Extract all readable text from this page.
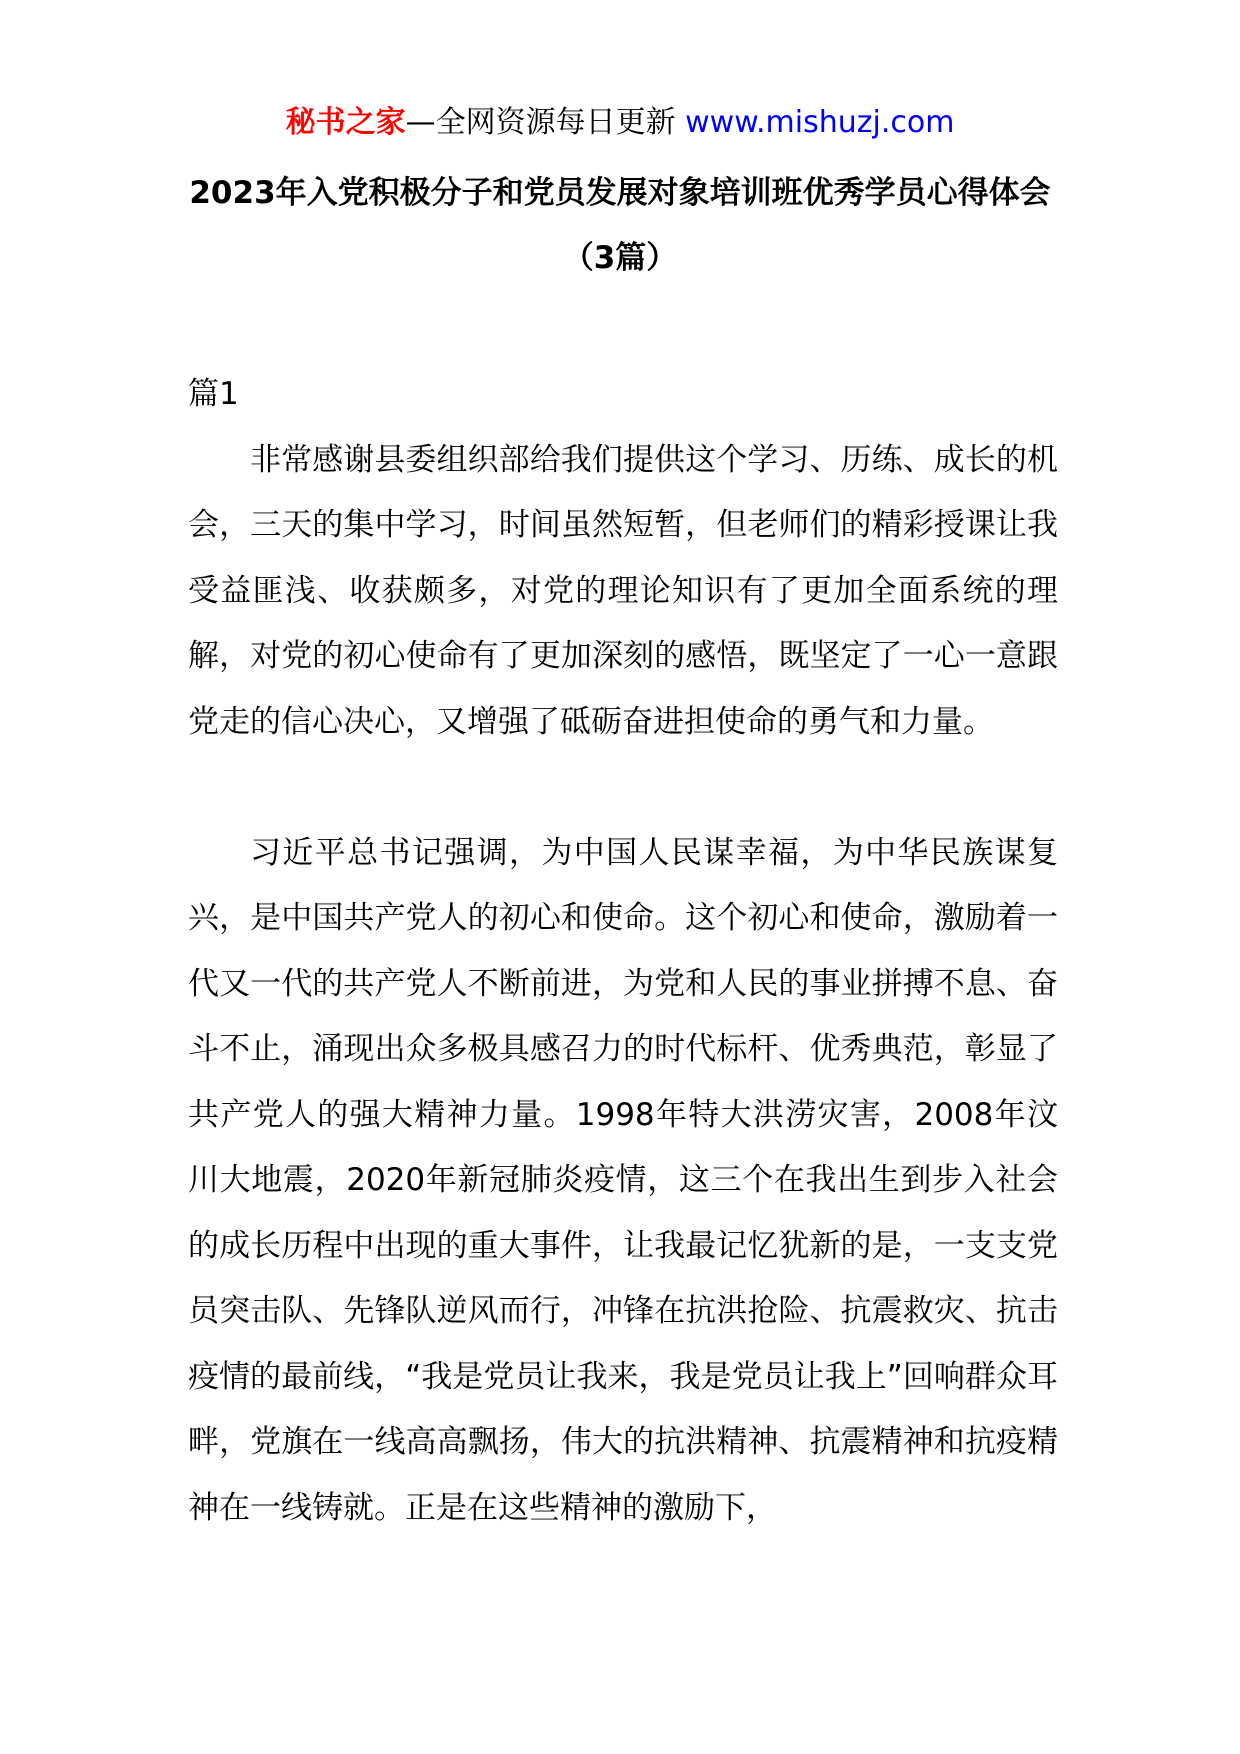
秘书之家—全网资源每日更新 www.mishuzj.com
2023年入党积极分子和党员发展对象培训班优秀学员心得体会
（3篇）

篇1

非常感谢县委组织部给我们提供这个学习、历练、成长的机会，三天的集中学习，时间虽然短暂，但老师们的精彩授课让我受益匪浅、收获颇多，对党的理论知识有了更加全面系统的理解，对党的初心使命有了更加深刻的感悟，既坚定了一心一意跟党走的信心决心，又增强了砥砺奋进担使命的勇气和力量。

习近平总书记强调，为中国人民谋幸福，为中华民族谋复兴，是中国共产党人的初心和使命。这个初心和使命，激励着一代又一代的共产党人不断前进，为党和人民的事业拼搏不息、奋斗不止，涌现出众多极具感召力的时代标杆、优秀典范，彰显了共产党人的强大精神力量。1998年特大洪涝灾害，2008年汶川大地震，2020年新冠肺炎疫情，这三个在我出生到步入社会的成长历程中出现的重大事件，让我最记忆犹新的是，一支支党员突击队、先锋队逆风而行，冲锋在抗洪抢险、抗震救灾、抗击疫情的最前线，“我是党员让我来，我是党员让我上”回响群众耳畔，党旗在一线高高飘扬，伟大的抗洪精神、抗震精神和抗疫精神在一线铸就。正是在这些精神的激励下，
